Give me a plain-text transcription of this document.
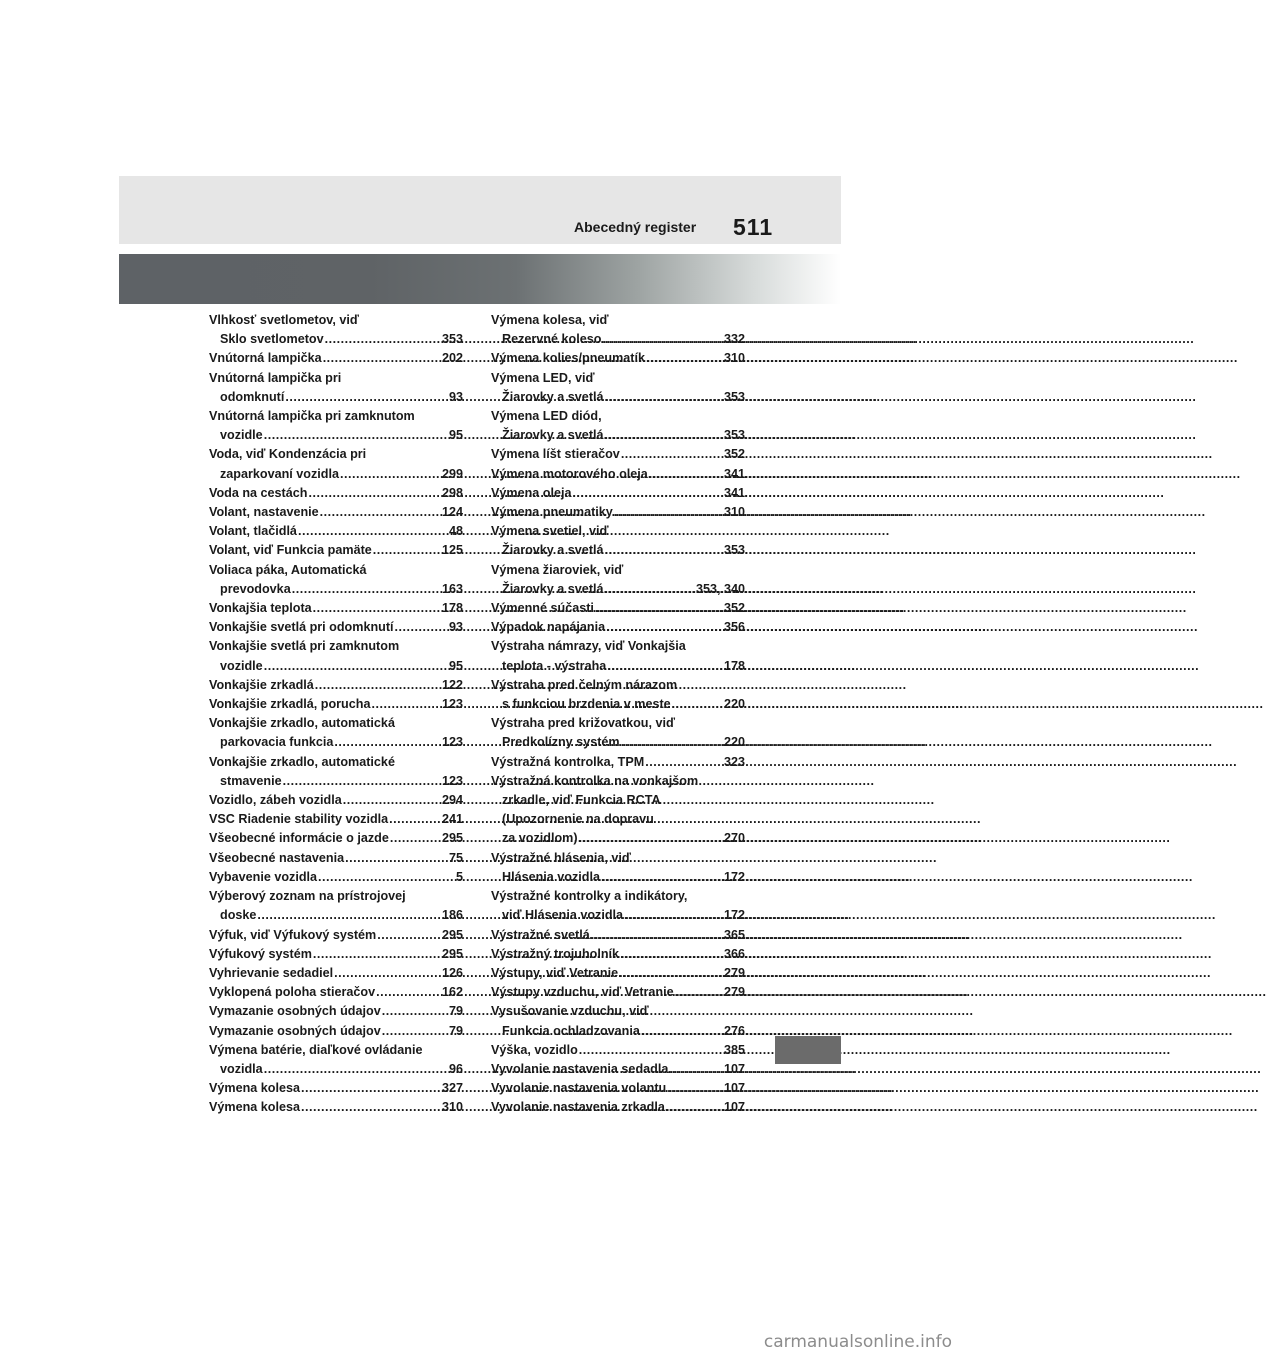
Abecedný register 511
Vlhkosť svetlometov, viď
Sklo svetlometov .....	353
Vnútorná lampička .....	202
Vnútorná lampička pri
odomknutí .....	93
Vnútorná lampička pri zamknutom
vozidle .....	95
Voda, viď Kondenzácia pri
zaparkovaní vozidla .....	299
Voda na cestách .....	298
Volant, nastavenie .....	124
Volant, tlačidlá .....	48
Volant, viď Funkcia pamäte .....	125
Voliaca páka, Automatická
prevodovka .....	163
Vonkajšia teplota .....	178
Vonkajšie svetlá pri odomknutí .....	93
Vonkajšie svetlá pri zamknutom
vozidle .....	95
Vonkajšie zrkadlá .....	122
Vonkajšie zrkadlá, porucha .....	123
Vonkajšie zrkadlo, automatická
parkovacia funkcia .....	123
Vonkajšie zrkadlo, automatické
stmavenie .....	123
Vozidlo, zábeh vozidla .....	294
VSC Riadenie stability vozidla .....	241
Všeobecné informácie o jazde .....	295
Všeobecné nastavenia .....	75
Vybavenie vozidla .....	5
Výberový zoznam na prístrojovej
doske .....	186
Výfuk, viď Výfukový systém .....	295
Výfukový systém .....	295
Vyhrievanie sedadiel .....	126
Vyklopená poloha stieračov .....	162
Vymazanie osobných údajov .....	79
Vymazanie osobných údajov .....	79
Výmena batérie, diaľkové ovládanie
vozidla .....	96
Výmena kolesa .....	327
Výmena kolesa .....	310
Výmena kolesa, viď
Rezervné koleso .....	332
Výmena kolies/pneumatík .....	310
Výmena LED, viď
Žiarovky a svetlá .....	353
Výmena LED diód,
Žiarovky a svetlá .....	353
Výmena líšt stieračov .....	352
Výmena motorového oleja .....	341
Výmena oleja .....	341
Výmena pneumatiky .....	310
Výmena svetiel, viď
Žiarovky a svetlá .....	353
Výmena žiaroviek, viď
Žiarovky a svetlá .....	353, 340
Výmenné súčasti .....	352
Výpadok napájania .....	356
Výstraha námrazy, viď Vonkajšia
teplota - výstraha .....	178
Výstraha pred čelným nárazom
s funkciou brzdenia v meste .....	220
Výstraha pred križovatkou, viď
Predkolízny systém .....	220
Výstražná kontrolka, TPM .....	323
Výstražná kontrolka na vonkajšom
zrkadle, viď Funkcia RCTA
(Upozornenie na dopravu
za vozidlom) .....	270
Výstražné hlásenia, viď
Hlásenia vozidla .....	172
Výstražné kontrolky a indikátory,
viď Hlásenia vozidla .....	172
Výstražné svetlá .....	365
Výstražný trojuholník .....	366
Výstupy, viď Vetranie .....	279
Výstupy vzduchu, viď Vetranie .....	279
Vysušovanie vzduchu, viď
Funkcia ochladzovania .....	276
Výška, vozidlo .....	385
Vyvolanie nastavenia sedadla .....	107
Vyvolanie nastavenia volantu .....	107
Vyvolanie nastavenia zrkadla .....	107
carmanualsonline.info
